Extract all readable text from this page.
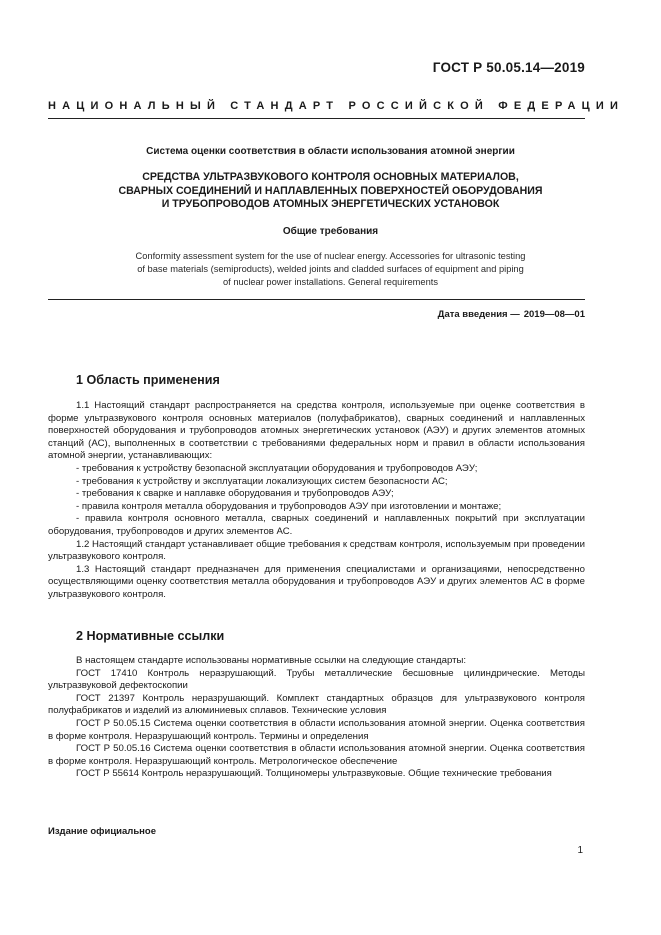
ГОСТ Р 50.05.14—2019
НАЦИОНАЛЬНЫЙ СТАНДАРТ РОССИЙСКОЙ ФЕДЕРАЦИИ
Система оценки соответствия в области использования атомной энергии
СРЕДСТВА УЛЬТРАЗВУКОВОГО КОНТРОЛЯ ОСНОВНЫХ МАТЕРИАЛОВ,
СВАРНЫХ СОЕДИНЕНИЙ И НАПЛАВЛЕННЫХ ПОВЕРХНОСТЕЙ ОБОРУДОВАНИЯ
И ТРУБОПРОВОДОВ АТОМНЫХ ЭНЕРГЕТИЧЕСКИХ УСТАНОВОК
Общие требования
Conformity assessment system for the use of nuclear energy. Accessories for ultrasonic testing
of base materials (semiproducts), welded joints and cladded surfaces of equipment and piping
of nuclear power installations. General requirements
Дата введения — 2019—08—01
1 Область применения

1.1 Настоящий стандарт распространяется на средства контроля, используемые при оценке соответствия в форме ультразвукового контроля основных материалов (полуфабрикатов), сварных соединений и наплавленных поверхностей оборудования и трубопроводов атомных энергетических установок (АЭУ) и других элементов атомных станций (АС), выполненных в соответствии с требованиями федеральных норм и правил в области использования атомной энергии, устанавливающих:

- требования к устройству безопасной эксплуатации оборудования и трубопроводов АЭУ;

- требования к устройству и эксплуатации локализующих систем безопасности АС;

- требования к сварке и наплавке оборудования и трубопроводов АЭУ;

- правила контроля металла оборудования и трубопроводов АЭУ при изготовлении и монтаже;

- правила контроля основного металла, сварных соединений и наплавленных покрытий при эксплуатации оборудования, трубопроводов и других элементов АС.

1.2 Настоящий стандарт устанавливает общие требования к средствам контроля, используемым при проведении ультразвукового контроля.

1.3 Настоящий стандарт предназначен для применения специалистами и организациями, непосредственно осуществляющими оценку соответствия металла оборудования и трубопроводов АЭУ и других элементов АС в форме ультразвукового контроля.

2 Нормативные ссылки

В настоящем стандарте использованы нормативные ссылки на следующие стандарты:

ГОСТ 17410 Контроль неразрушающий. Трубы металлические бесшовные цилиндрические. Методы ультразвуковой дефектоскопии

ГОСТ 21397 Контроль неразрушающий. Комплект стандартных образцов для ультразвукового контроля полуфабрикатов и изделий из алюминиевых сплавов. Технические условия

ГОСТ Р 50.05.15 Система оценки соответствия в области использования атомной энергии. Оценка соответствия в форме контроля. Неразрушающий контроль. Термины и определения

ГОСТ Р 50.05.16 Система оценки соответствия в области использования атомной энергии. Оценка соответствия в форме контроля. Неразрушающий контроль. Метрологическое обеспечение

ГОСТ Р 55614 Контроль неразрушающий. Толщиномеры ультразвуковые. Общие технические требования

Издание официальное
1
